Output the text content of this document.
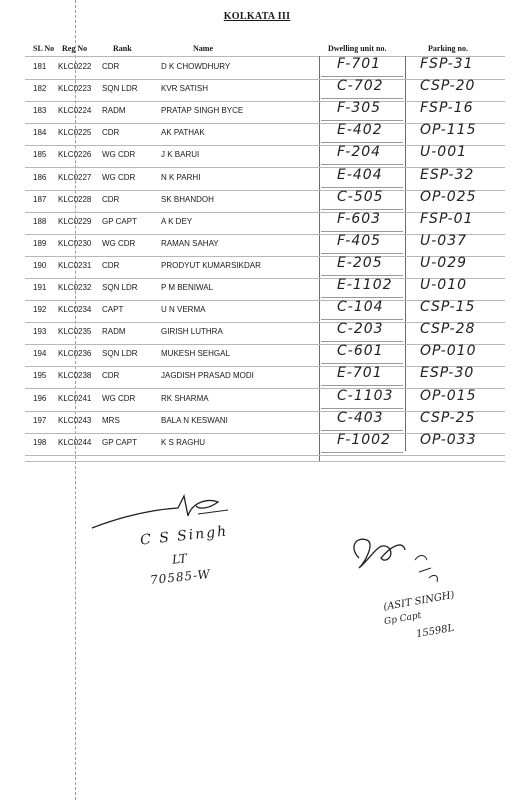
KOLKATA III
SL No Reg No	Rank	Name	Dwelling unit no.	Parking no.
181 KLC0222 CDR	D K CHOWDHURY	F-701	FSP-31
182 KLC0223 SQN LDR	KVR SATISH	C-702	CSP-20
183 KLC0224 RADM	PRATAP SINGH BYCE	F-305	FSP-16
184 KLC0225 CDR	AK PATHAK	E-402	OP-115
185 KLC0226 WG CDR	J K BARUI	F-204	U-001
186 KLC0227 WG CDR	N K PARHI	E-404	ESP-32
187 KLC0228 CDR	SK BHANDOH	C-505	OP-025
188 KLC0229 GP CAPT	A K DEY	F-603	FSP-01
189 KLC0230 WG CDR	RAMAN SAHAY	F-405	U-037
190 KLC0231 CDR	PRODYUT KUMARSIKDAR	E-205	U-029
191 KLC0232 SQN LDR	P M BENIWAL	E-1102 U-010
192 KLC0234 CAPT	U N VERMA	C-104	CSP-15
193 KLC0235 RADM	GIRISH LUTHRA	C-203	CSP-28
194 KLC0236 SQN LDR	MUKESH SEHGAL	C-601	OP-010
195 KLC0238 CDR	JAGDISH PRASAD MODI	E-701	ESP-30
196 KLC0241 WG CDR	RK SHARMA	C-1103 OP-015
197 KLC0243 MRS	BALA N KESWANI	C-403	CSP-25
198 KLC0244 GP CAPT	K S RAGHU	F-1002 OP-033
C S Singh
LT
70585-W
(ASIT SINGH)
Gp Capt
15598L
